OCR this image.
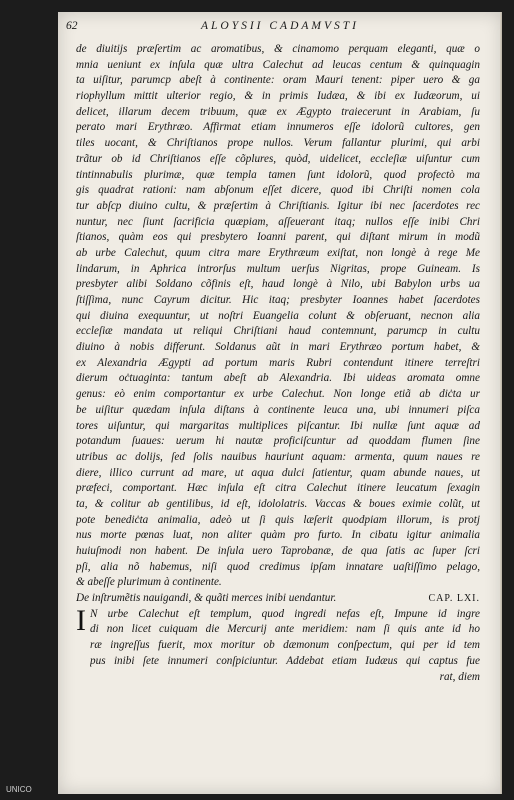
62	ALOYSII CADAMVSTI
de diuitijs præſertim ac aromatibus, & cinamomo perquam eleganti, quæ o
mnia ueniunt ex inſula quæ ultra Calechut ad leucas centum & quinquagin
ta uiſitur, parumcp abeſt à continente: oram Mauri tenent: piper uero & ga
riophyllum mittit ulterior regio, & in primis Iudæa, & ibi ex Iudæorum, ui
delicet, illarum decem tribuum, quæ ex Ægypto traiecerunt in Arabiam, ſu
perato mari Erythræo. Affirmat etiam innumeros eſſe idolorũ cultores, gen
tiles uocant, & Chriſtianos prope nullos. Verum fallantur plurimi, qui arbi
trãtur ob id Chriſtianos eſſe cõplures, quòd, uidelicet, eccleſiæ uiſuntur cum
tintinnabulis plurimæ, quæ templa tamen ſunt idolorũ, quod profectò ma
gis quadrat rationi: nam abſonum eſſet dicere, quod ibi Chriſti nomen cola
tur abſcp diuino cultu, & præſertim à Chriſtianis. Igitur ibi nec ſacerdotes rec
nuntur, nec ſiunt ſacrificia quæpiam, aſſeuerant itaq; nullos eſſe inibi Chri
ſtianos, quàm eos qui presbytero Ioanni parent, qui diſtant mirum in modũ
ab urbe Calechut, quum citra mare Erythræum exiſtat, non longè à rege Me
lindarum, in Aphrica introrſus multum uerſus Nigritas, prope Guineam. Is
presbyter alibi Soldano cõfinis eſt, haud longè à Nilo, ubi Babylon urbs ua
ſtiſſima, nunc Cayrum dicitur. Hic itaq; presbyter Ioannes habet ſacerdotes
qui diuina exequuntur, ut noſtri Euangelia colunt & obſeruant, necnon alia
eccleſiæ mandata ut reliqui Chriſtiani haud contemnunt, parumcp in cultu
diuino à nobis differunt. Soldanus aũt in mari Erythræo portum habet, &
ex Alexandria Ægypti ad portum maris Rubri contendunt itinere terreſtri
dierum oċtuaginta: tantum abeſt ab Alexandria. Ibi uideas aromata omne
genus: eò enim comportantur ex urbe Calechut. Non longe etiã ab diċta ur
be uiſitur quædam inſula diſtans à continente leuca una, ubi innumeri piſca
tores uiſuntur, qui margaritas multiplices piſcantur. Ibi nullæ ſunt aquæ ad
potandum ſuaues: uerum hi nautæ proficiſcuntur ad quoddam flumen ſine
utribus ac dolijs, ſed ſolis nauibus hauriunt aquam: armenta, quum naues re
diere, illico currunt ad mare, ut aqua dulci ſatientur, quam abunde naues, ut
præfeci, comportant. Hæc inſula eſt citra Calechut itinere leucatum ſexagin
ta, & colitur ab gentilibus, id eſt, idololatris. Vaccas & boues eximie colũt, ut
pote benediċta animalia, adeò ut ſi quis læſerit quodpiam illorum, is protj
nus morte pœnas luat, non aliter quàm pro furto. In cibatu igitur animalia
huiuſmodi non habent. De inſula uero Taprobanæ, de qua ſatis ac ſuper ſcri
pſi, alia nõ habemus, niſi quod credimus ipſam innatare uaſtiſſimo pelago,
& abeſſe plurimum à continente.
De inſtrumẽtis nauigandi, & quãti merces inibi uendantur.	CAP. LXI.
I N urbe Calechut eſt templum, quod ingredi nefas eſt, Impune id ingre
di non licet cuiquam die Mercurij ante meridiem: nam ſi quis ante id ho
ræ ingreſſus fuerit, mox moritur ob dæmonum conſpectum, qui per id tem
pus inibi ſete innumeri conſpiciuntur. Addebat etiam Iudæus qui captus fue
rat, diem
UNICO
